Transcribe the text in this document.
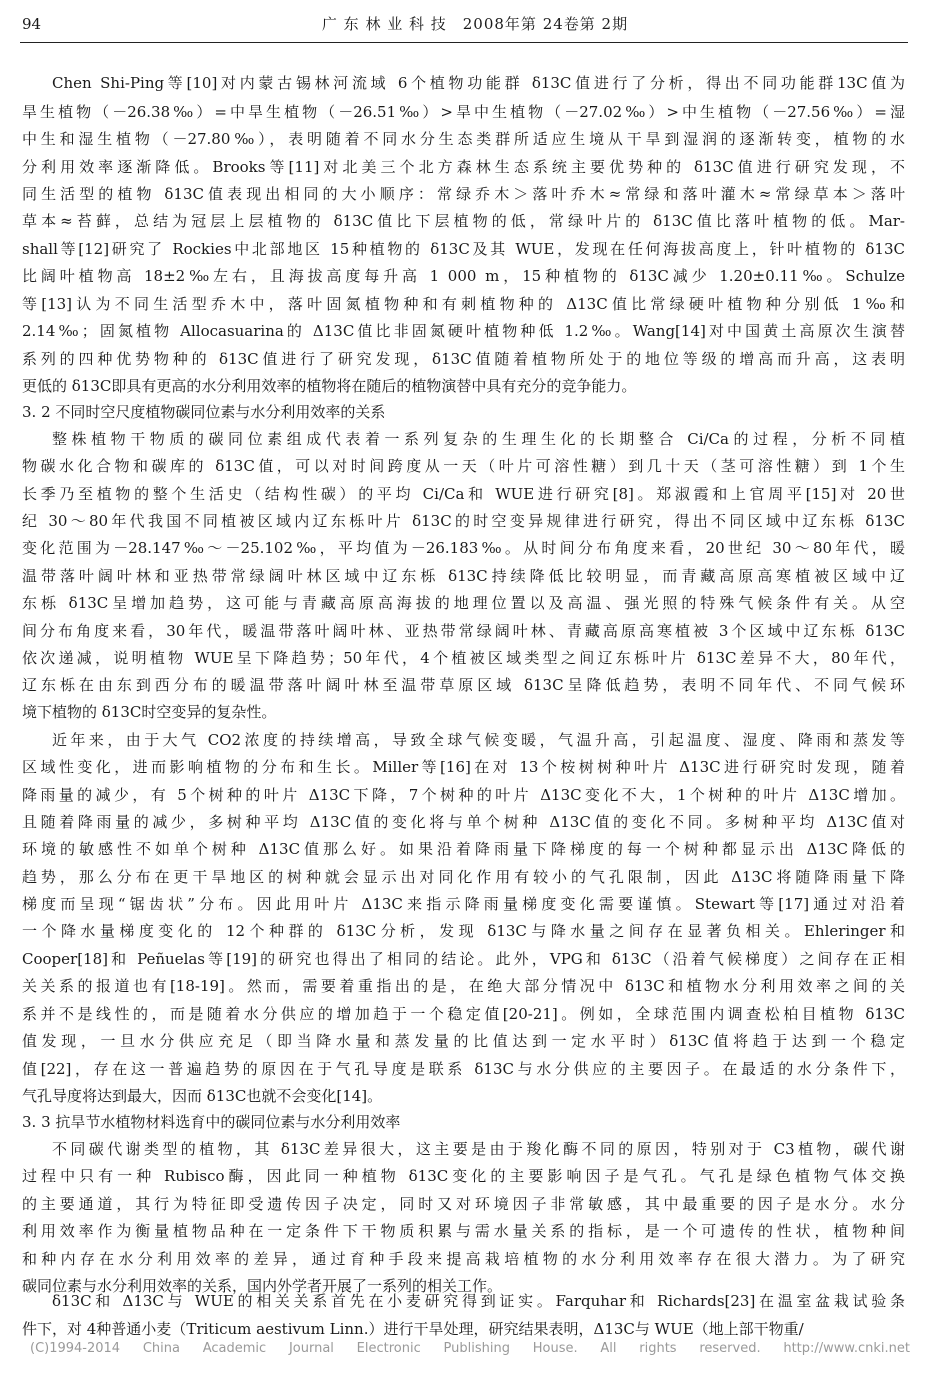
94	广 东 林 业 科 技　2008年第 24卷第 2期
Chen Shi-Ping等[10]对内蒙古锡林河流域 6个植物功能群 δ13C值进行了分析，得出不同功能群13C值为
旱生植物（－26.38‰）=中旱生植物（－26.51‰）>旱中生植物（－27.02‰）>中生植物（－27.56‰）=湿
中生和湿生植物（－27.80‰），表明随着不同水分生态类群所适应生境从干旱到湿润的逐渐转变，植物的水
分利用效率逐渐降低。Brooks等[11]对北美三个北方森林生态系统主要优势种的 δ13C值进行研究发现，不
同生活型的植物 δ13C值表现出相同的大小顺序：常绿乔木＞落叶乔木≈常绿和落叶灌木≈常绿草本＞落叶
草本≈苔藓，总结为冠层上层植物的 δ13C值比下层植物的低，常绿叶片的 δ13C值比落叶植物的低。Mar-
shall等[12]研究了 Rockies中北部地区 15种植物的 δ13C及其 WUE，发现在任何海拔高度上，针叶植物的 δ13C
比阔叶植物高 18±2‰左右，且海拔高度每升高 1 000 m，15种植物的 δ13C减少 1.20±0.11‰。Schulze
等[13]认为不同生活型乔木中，落叶固氮植物种和有刺植物种的 Δ13C值比常绿硬叶植物种分别低 1‰和
2.14‰；固氮植物 Allocasuarina的 Δ13C值比非固氮硬叶植物种低 1.2‰。Wang[14]对中国黄土高原次生演替
系列的四种优势物种的 δ13C值进行了研究发现，δ13C值随着植物所处于的地位等级的增高而升高，这表明
更低的 δ13C即具有更高的水分利用效率的植物将在随后的植物演替中具有充分的竞争能力。
3. 2 不同时空尺度植物碳同位素与水分利用效率的关系
整株植物干物质的碳同位素组成代表着一系列复杂的生理生化的长期整合 Ci/Ca的过程，分析不同植
物碳水化合物和碳库的 δ13C值，可以对时间跨度从一天（叶片可溶性糖）到几十天（茎可溶性糖）到 1个生
长季乃至植物的整个生活史（结构性碳）的平均 Ci/Ca和 WUE进行研究[8]。郑淑霞和上官周平[15]对 20世
纪 30～80年代我国不同植被区域内辽东栎叶片 δ13C的时空变异规律进行研究，得出不同区域中辽东栎 δ13C
变化范围为－28.147‰～－25.102‰，平均值为－26.183‰。从时间分布角度来看，20世纪 30～80年代，暖
温带落叶阔叶林和亚热带常绿阔叶林区域中辽东栎 δ13C持续降低比较明显，而青藏高原高寒植被区域中辽
东栎 δ13C呈增加趋势，这可能与青藏高原高海拔的地理位置以及高温、强光照的特殊气候条件有关。从空
间分布角度来看，30年代，暖温带落叶阔叶林、亚热带常绿阔叶林、青藏高原高寒植被 3个区域中辽东栎 δ13C
依次递减，说明植物 WUE呈下降趋势；50年代，4个植被区域类型之间辽东栎叶片 δ13C差异不大，80年代，
辽东栎在由东到西分布的暖温带落叶阔叶林至温带草原区域 δ13C呈降低趋势，表明不同年代、不同气候环
境下植物的 δ13C时空变异的复杂性。
近年来，由于大气 CO2浓度的持续增高，导致全球气候变暖，气温升高，引起温度、湿度、降雨和蒸发等
区域性变化，进而影响植物的分布和生长。Miller等[16]在对 13个桉树树种叶片 Δ13C进行研究时发现，随着
降雨量的减少，有 5个树种的叶片 Δ13C下降，7个树种的叶片 Δ13C变化不大，1个树种的叶片 Δ13C增加。
且随着降雨量的减少，多树种平均 Δ13C值的变化将与单个树种 Δ13C值的变化不同。多树种平均 Δ13C值对
环境的敏感性不如单个树种 Δ13C值那么好。如果沿着降雨量下降梯度的每一个树种都显示出 Δ13C降低的
趋势，那么分布在更干旱地区的树种就会显示出对同化作用有较小的气孔限制，因此 Δ13C将随降雨量下降
梯度而呈现“锯齿状”分布。因此用叶片 Δ13C来指示降雨量梯度变化需要谨慎。Stewart等[17]通过对沿着
一个降水量梯度变化的 12个种群的 δ13C分析，发现 δ13C与降水量之间存在显著负相关。Ehleringer和
Cooper[18]和 Peñuelas等[19]的研究也得出了相同的结论。此外，VPG和 δ13C（沿着气候梯度）之间存在正相
关关系的报道也有[18-19]。然而，需要着重指出的是，在绝大部分情况中 δ13C和植物水分利用效率之间的关
系并不是线性的，而是随着水分供应的增加趋于一个稳定值[20-21]。例如，全球范围内调查松柏目植物 δ13C
值发现，一旦水分供应充足（即当降水量和蒸发量的比值达到一定水平时）δ13C值将趋于达到一个稳定
值[22]，存在这一普遍趋势的原因在于气孔导度是联系 δ13C与水分供应的主要因子。在最适的水分条件下，
气孔导度将达到最大，因而 δ13C也就不会变化[14]。
3. 3 抗旱节水植物材料选育中的碳同位素与水分利用效率
不同碳代谢类型的植物，其 δ13C差异很大，这主要是由于羧化酶不同的原因，特别对于 C3植物，碳代谢
过程中只有一种 Rubisco酶，因此同一种植物 δ13C变化的主要影响因子是气孔。气孔是绿色植物气体交换
的主要通道，其行为特征即受遗传因子决定，同时又对环境因子非常敏感，其中最重要的因子是水分。水分
利用效率作为衡量植物品种在一定条件下干物质积累与需水量关系的指标，是一个可遗传的性状，植物种间
和种内存在水分利用效率的差异，通过育种手段来提高栽培植物的水分利用效率存在很大潜力。为了研究
碳同位素与水分利用效率的关系，国内外学者开展了一系列的相关工作。
δ13C和 Δ13C与 WUE的相关关系首先在小麦研究得到证实。Farquhar和 Richards[23]在温室盆栽试验条
件下，对 4种普通小麦（Triticum aestivum Linn.）进行干旱处理，研究结果表明，Δ13C与 WUE（地上部干物重/
(C)1994-2014 China Academic Journal Electronic Publishing House. All rights reserved. http://www.cnki.net
